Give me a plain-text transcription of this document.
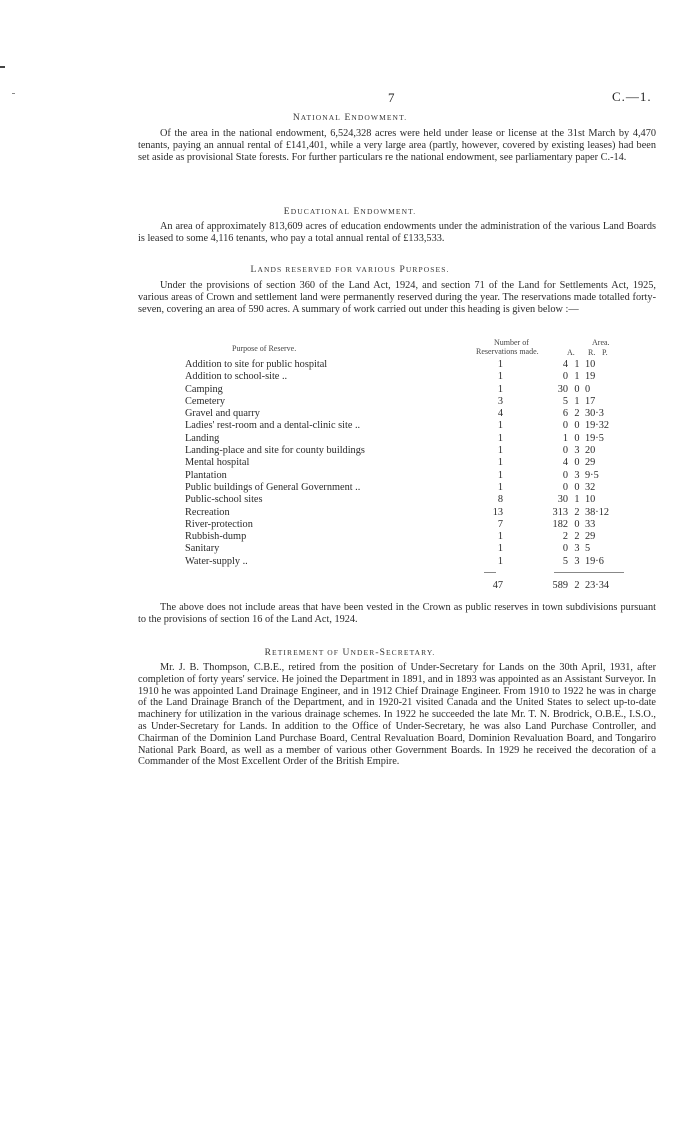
7	C.—1.
NATIONAL ENDOWMENT.
Of the area in the national endowment, 6,524,328 acres were held under lease or license at the 31st March by 4,470 tenants, paying an annual rental of £141,401, while a very large area (partly, however, covered by existing leases) had been set aside as provisional State forests. For further particulars re the national endowment, see parliamentary paper C.-14.
EDUCATIONAL ENDOWMENT.
An area of approximately 813,609 acres of education endowments under the administration of the various Land Boards is leased to some 4,116 tenants, who pay a total annual rental of £133,533.
LANDS RESERVED FOR VARIOUS PURPOSES.
Under the provisions of section 360 of the Land Act, 1924, and section 71 of the Land for Settlements Act, 1925, various areas of Crown and settlement land were permanently reserved during the year. The reservations made totalled forty-seven, covering an area of 590 acres. A summary of work carried out under this heading is given below :—
Purpose of Reserve.
Number of
Reservations made.
Area.
A. R. P.
Addition to site for public hospital	1	4 1 10
Addition to school-site ..	1	0 1 19
Camping	1	30 0 0
Cemetery	3	5 1 17
Gravel and quarry	4	6 2 30·3
Ladies' rest-room and a dental-clinic site ..	1	0 0 19·32
Landing	1	1 0 19·5
Landing-place and site for county buildings	1	0 3 20
Mental hospital	1	4 0 29
Plantation	1	0 3 9·5
Public buildings of General Government ..	1	0 0 32
Public-school sites	8	30 1 10
Recreation	13	313 2 38·12
River-protection	7	182 0 33
Rubbish-dump	1	2 2 29
Sanitary	1	0 3 5
Water-supply ..	1	5 3 19·6
47	589 2 23·34
The above does not include areas that have been vested in the Crown as public reserves in town subdivisions pursuant to the provisions of section 16 of the Land Act, 1924.
RETIREMENT OF UNDER-SECRETARY.
Mr. J. B. Thompson, C.B.E., retired from the position of Under-Secretary for Lands on the 30th April, 1931, after completion of forty years' service. He joined the Department in 1891, and in 1893 was appointed as an Assistant Surveyor. In 1910 he was appointed Land Drainage Engineer, and in 1912 Chief Drainage Engineer. From 1910 to 1922 he was in charge of the Land Drainage Branch of the Department, and in 1920-21 visited Canada and the United States to select up-to-date machinery for utilization in the various drainage schemes. In 1922 he succeeded the late Mr. T. N. Brodrick, O.B.E., I.S.O., as Under-Secretary for Lands. In addition to the Office of Under-Secretary, he was also Land Purchase Controller, and Chairman of the Dominion Land Purchase Board, Central Revaluation Board, Dominion Revaluation Board, and Tongariro National Park Board, as well as a member of various other Government Boards. In 1929 he received the decoration of a Commander of the Most Excellent Order of the British Empire.
